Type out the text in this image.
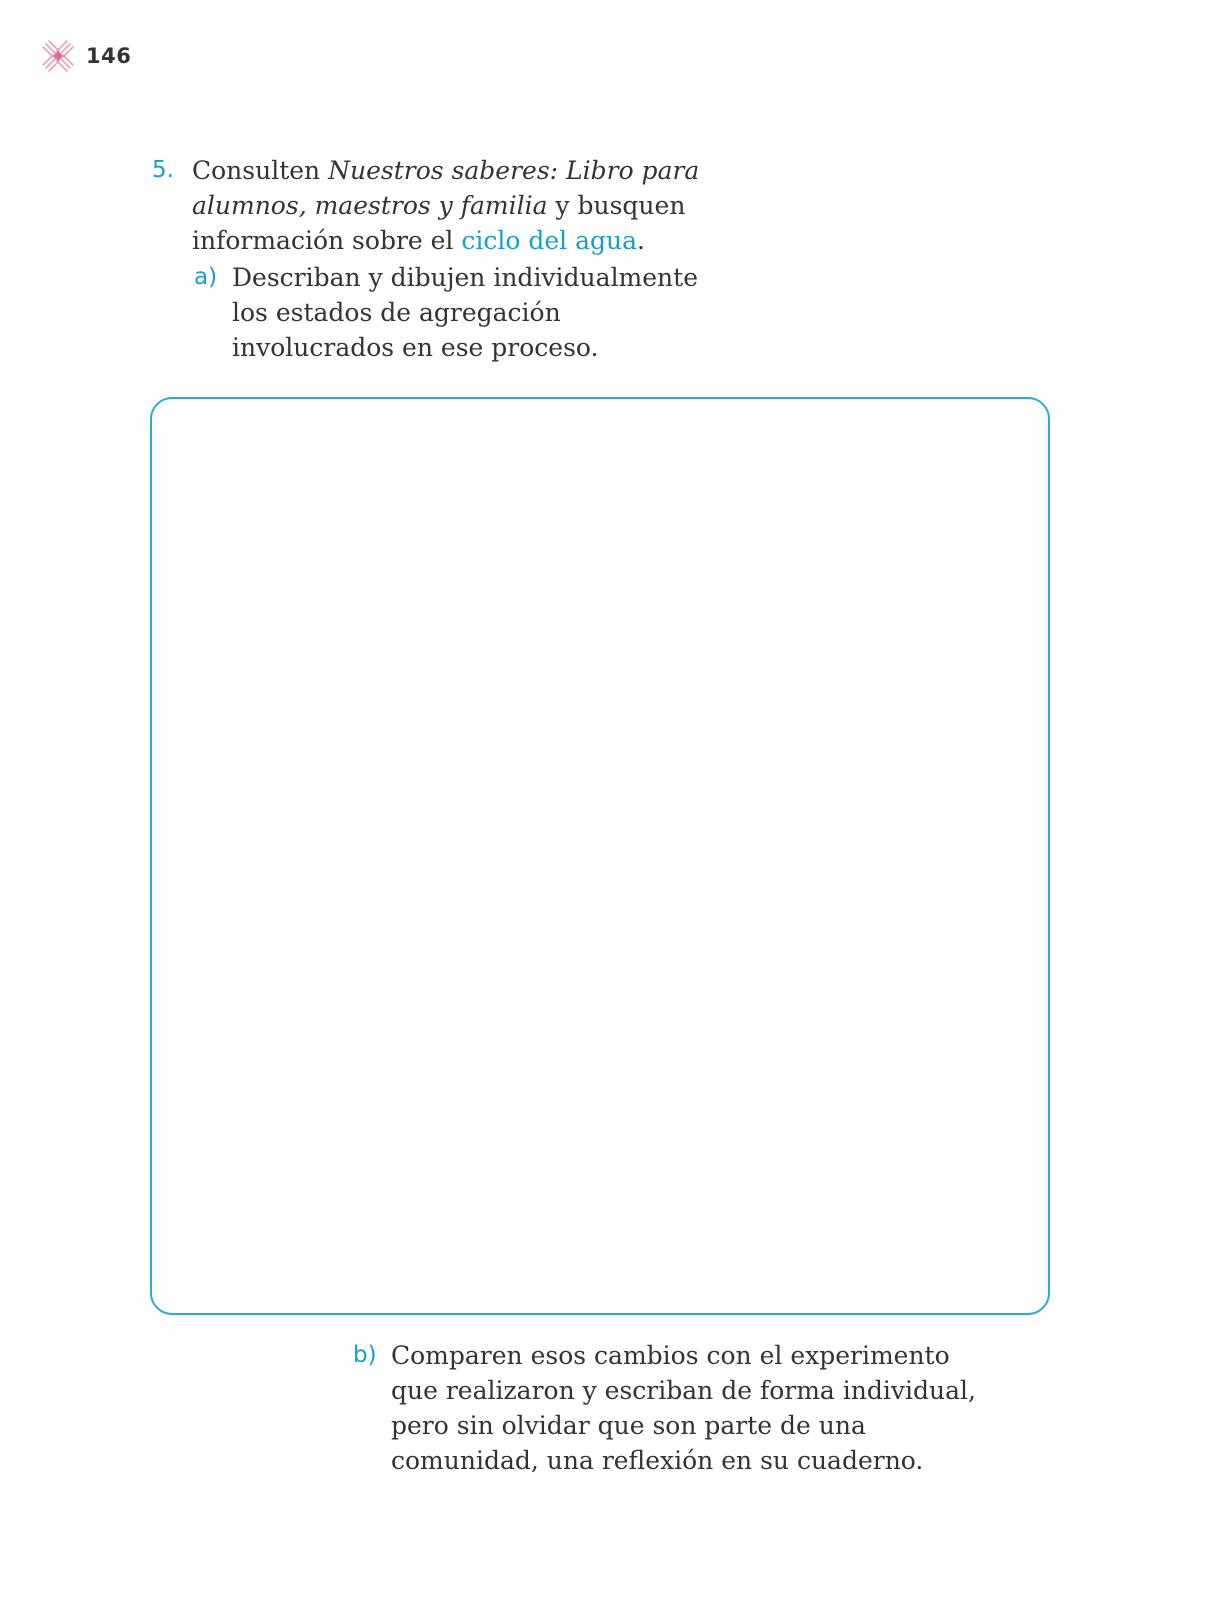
146
5. Consulten Nuestros saberes: Libro para
alumnos, maestros y familia y busquen
información sobre el ciclo del agua.
a) Describan y dibujen individualmente
los estados de agregación
involucrados en ese proceso.
b) Comparen esos cambios con el experimento
que realizaron y escriban de forma individual,
pero sin olvidar que son parte de una
comunidad, una reflexión en su cuaderno.
